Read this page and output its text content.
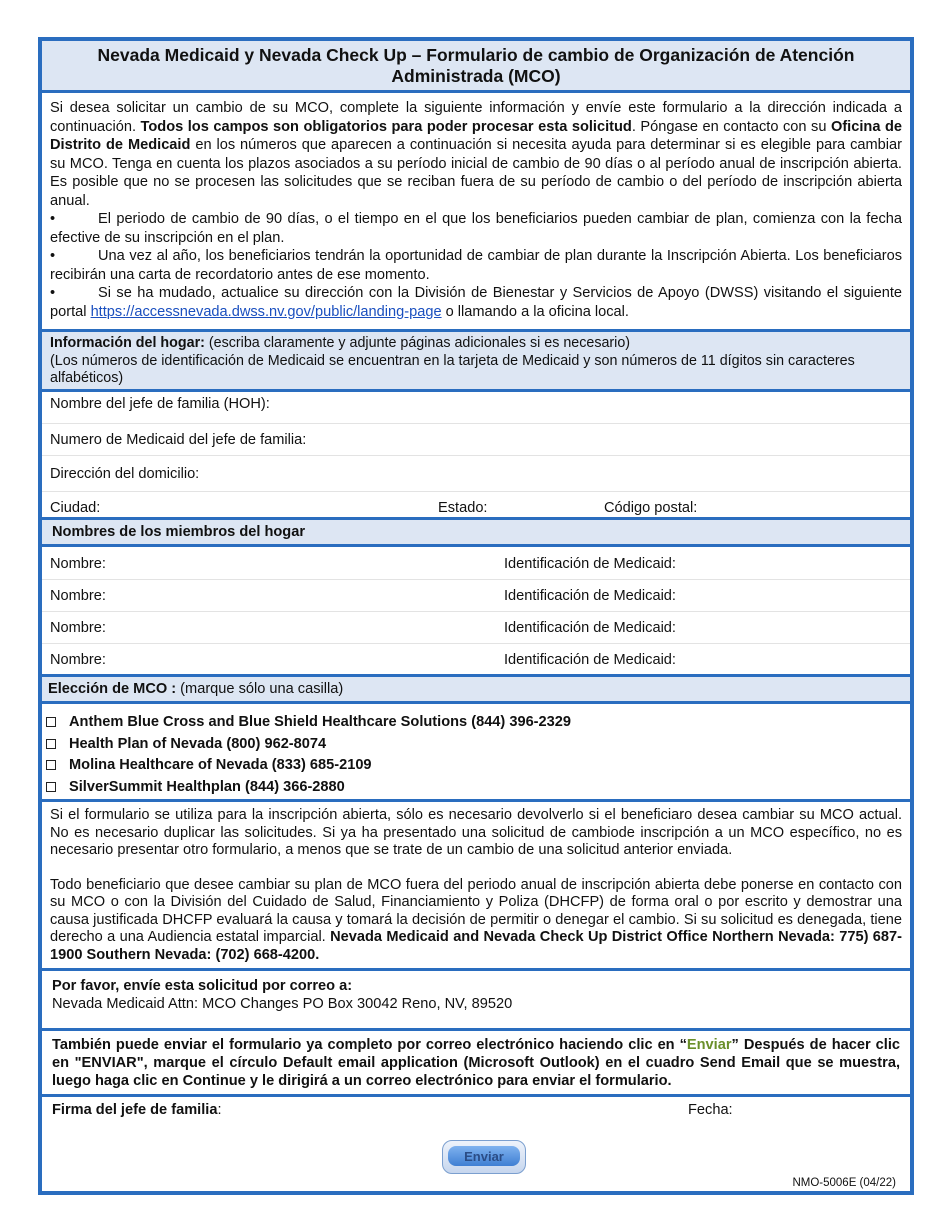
Nevada Medicaid y Nevada Check Up – Formulario de cambio de Organización de Atención Administrada (MCO)

Si desea solicitar un cambio de su MCO, complete la siguiente información y envíe este formulario a la dirección indicada a continuación. Todos los campos son obligatorios para poder procesar esta solicitud. Póngase en contacto con su Oficina de Distrito de Medicaid en los números que aparecen a continuación si necesita ayuda para determinar si es elegible para cambiar su MCO. Tenga en cuenta los plazos asociados a su período inicial de cambio de 90 días o al período anual de inscripción abierta. Es posible que no se procesen las solicitudes que se reciban fuera de su período de cambio o del período de inscripción abierta anual.

•	El periodo de cambio de 90 días, o el tiempo en el que los beneficiarios pueden cambiar de plan, comienza con la fecha efective de su inscripción en el plan.

•	Una vez al año, los beneficiarios tendrán la oportunidad de cambiar de plan durante la Inscripción Abierta. Los beneficiaros recibirán una carta de recordatorio antes de ese momento.

•	Si se ha mudado, actualice su dirección con la División de Bienestar y Servicios de Apoyo (DWSS) visitando el siguiente portal https://accessnevada.dwss.nv.gov/public/landing-page o llamando a la oficina local.

Información del hogar: (escriba claramente y adjunte páginas adicionales si es necesario)
(Los números de identificación de Medicaid se encuentran en la tarjeta de Medicaid y son números de 11 dígitos sin caracteres alfabéticos)
Nombre del jefe de familia (HOH):
Numero de Medicaid del jefe de familia:
Dirección del domicilio:
Ciudad:	Estado:	Código postal:
Nombres de los miembros del hogar
Nombre:	Identificación de Medicaid:
Nombre:	Identificación de Medicaid:
Nombre:	Identificación de Medicaid:
Nombre:	Identificación de Medicaid:
Elección de MCO : (marque sólo una casilla)
Anthem Blue Cross and Blue Shield Healthcare Solutions (844) 396-2329
Health Plan of Nevada (800) 962-8074
Molina Healthcare of Nevada (833) 685-2109
SilverSummit Healthplan (844) 366-2880

Si el formulario se utiliza para la inscripción abierta, sólo es necesario devolverlo si el beneficiaro desea cambiar su MCO actual. No es necesario duplicar las solicitudes. Si ya ha presentado una solicitud de cambiode inscripción a un MCO específico, no es necesario presentar otro formulario, a menos que se trate de un cambio de una solicitud anterior enviada.

Todo beneficiario que desee cambiar su plan de MCO fuera del periodo anual de inscripción abierta debe ponerse en contacto con su MCO o con la División del Cuidado de Salud, Financiamiento y Poliza (DHCFP) de forma oral o por escrito y demostrar una causa justificada DHCFP evaluará la causa y tomará la decisión de permitir o denegar el cambio. Si su solicitud es denegada, tiene derecho a una Audiencia estatal imparcial. Nevada Medicaid and Nevada Check Up District Office Northern Nevada: 775) 687-1900 Southern Nevada: (702) 668-4200.

Por favor, envíe esta solicitud por correo a:
Nevada Medicaid Attn: MCO Changes PO Box 30042 Reno, NV, 89520
También puede enviar el formulario ya completo por correo electrónico haciendo clic en “Enviar” Después de hacer clic en "ENVIAR", marque el círculo Default email application (Microsoft Outlook) en el cuadro Send Email que se muestra, luego haga clic en Continue y le dirigirá a un correo electrónico para enviar el formulario.
Firma del jefe de familia:	Fecha:
Enviar
NMO-5006E (04/22)
